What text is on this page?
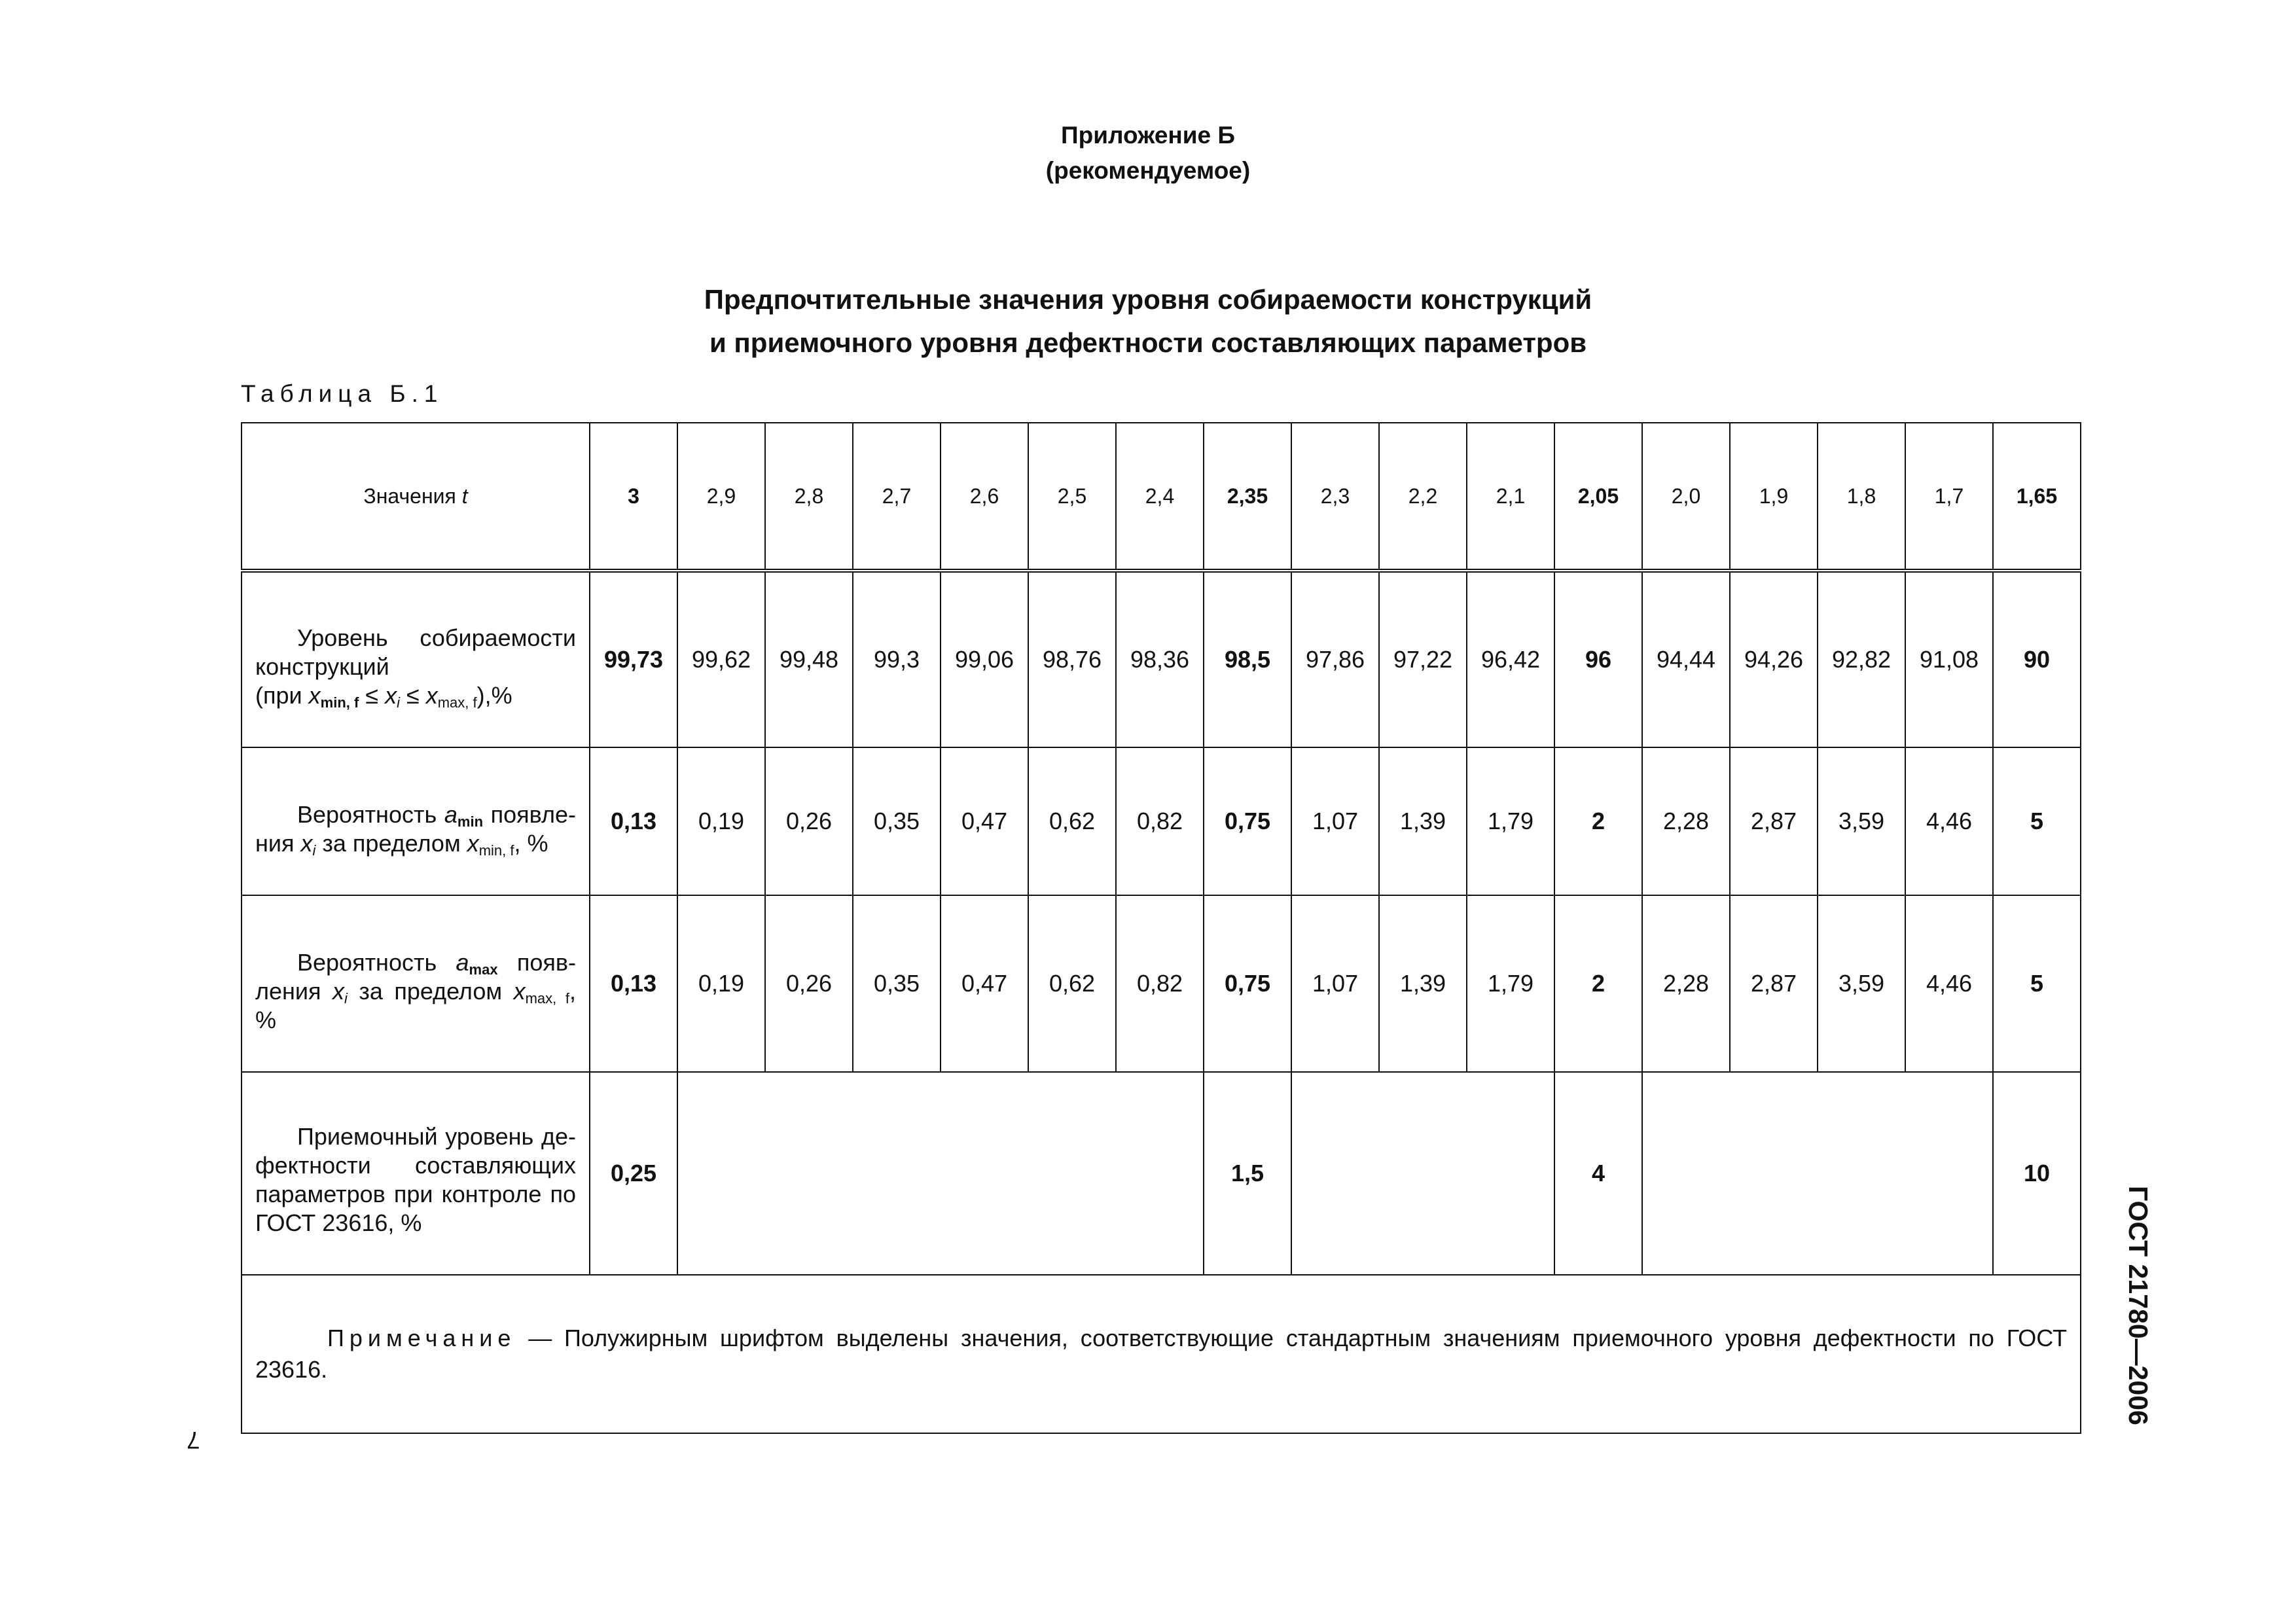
Приложение Б
(рекомендуемое)
Предпочтительные значения уровня собираемости конструкций
и приемочного уровня дефектности составляющих параметров
Таблица Б.1
Значения t	3	2,9	2,8	2,7	2,6	2,5	2,4	2,35	2,3	2,2	2,1	2,05	2,0	1,9	1,8	1,7	1,65
Уровень собираемости конструкций
(при $x_{min, f} \le x_i \le x_{max, f}),\%$	99,73	99,62	99,48	99,3	99,06	98,76	98,36	98,5	97,86	97,22	96,42	96	94,44	94,26	92,82	91,08	90
Вероятность $a_{min}$ появле-ния $x_i$ за пределом $x_{min, f}$, %	0,13	0,19	0,26	0,35	0,47	0,62	0,82	0,75	1,07	1,39	1,79	2	2,28	2,87	3,59	4,46	5
Вероятность $a_{max}$ появ-ления $x_i$ за пределом $x_{max, f}$, %	0,13	0,19	0,26	0,35	0,47	0,62	0,82	0,75	1,07	1,39	1,79	2	2,28	2,87	3,59	4,46	5
Приемочный уровень де-фектности составляющих параметров при контроле по ГОСТ 23616, %	0,25							1,5				4					10
Примечание — Полужирным шрифтом выделены значения, соответствующие стандартным значениям приемочного уровня дефектности по ГОСТ 23616.																		ГОСТ 21780—2006
7
